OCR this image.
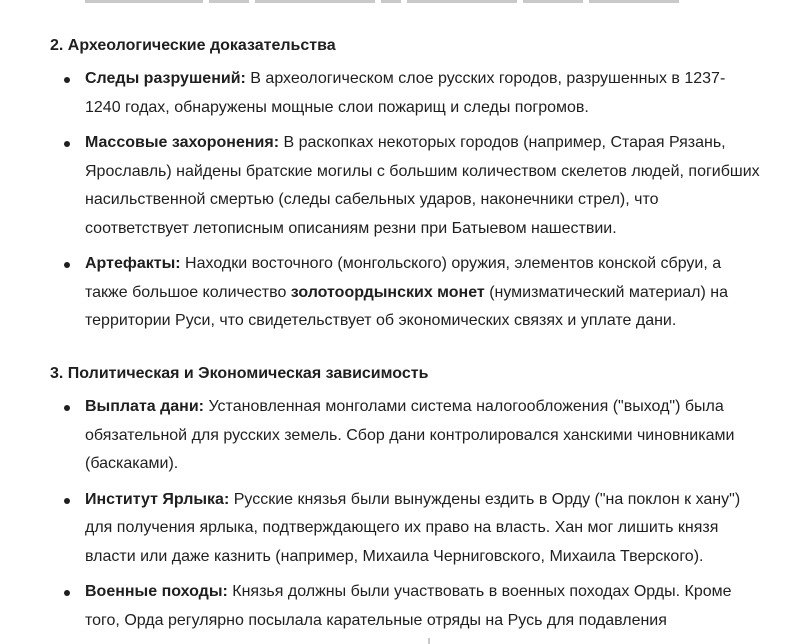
2. Археологические доказательства
Следы разрушений: В археологическом слое русских городов, разрушенных в 1237-1240 годах, обнаружены мощные слои пожарищ и следы погромов.
Массовые захоронения: В раскопках некоторых городов (например, Старая Рязань, Ярославль) найдены братские могилы с большим количеством скелетов людей, погибших насильственной смертью (следы сабельных ударов, наконечники стрел), что соответствует летописным описаниям резни при Батыевом нашествии.
Артефакты: Находки восточного (монгольского) оружия, элементов конской сбруи, а также большое количество золотоордынских монет (нумизматический материал) на территории Руси, что свидетельствует об экономических связях и уплате дани.
3. Политическая и Экономическая зависимость
Выплата дани: Установленная монголами система налогообложения ("выход") была обязательной для русских земель. Сбор дани контролировался ханскими чиновниками (баскаками).
Институт Ярлыка: Русские князья были вынуждены ездить в Орду ("на поклон к хану") для получения ярлыка, подтверждающего их право на власть. Хан мог лишить князя власти или даже казнить (например, Михаила Черниговского, Михаила Тверского).
Военные походы: Князья должны были участвовать в военных походах Орды. Кроме того, Орда регулярно посылала карательные отряды на Русь для подавления
